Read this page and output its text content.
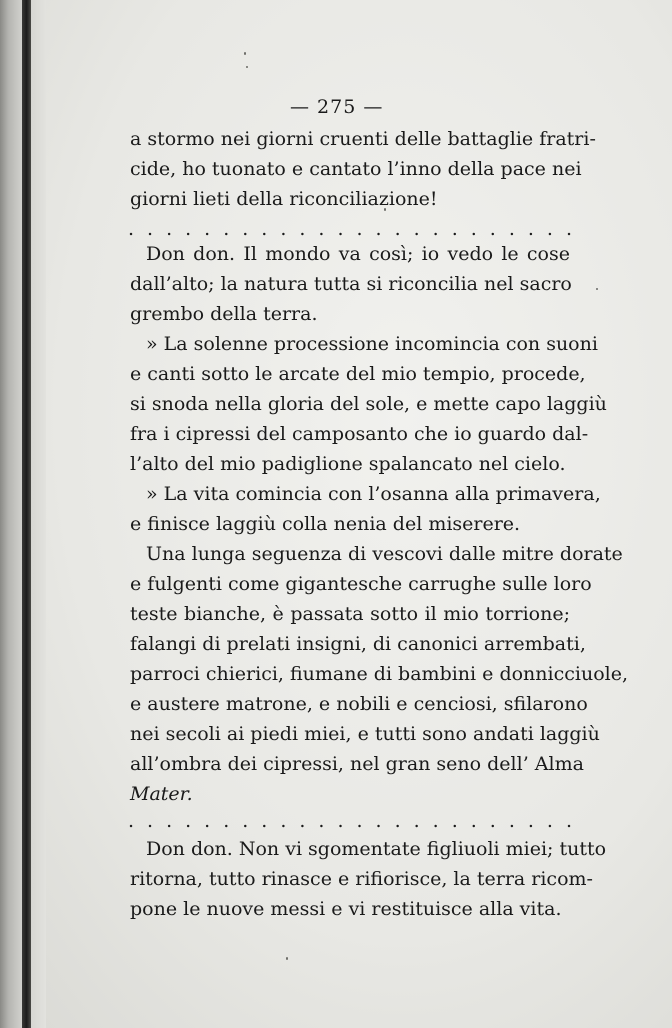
— 275 —
a stormo nei giorni cruenti delle battaglie fratri-
cide, ho tuonato e cantato l’inno della pace nei
giorni lieti della riconciliazione!
. . . . . . . . . . . . . . . . . . . . . . . .
Don don. Il mondo va così; io vedo le cose
dall’alto; la natura tutta si riconcilia nel sacro
grembo della terra.
» La solenne processione incomincia con suoni
e canti sotto le arcate del mio tempio, procede,
si snoda nella gloria del sole, e mette capo laggiù
fra i cipressi del camposanto che io guardo dal-
l’alto del mio padiglione spalancato nel cielo.
» La vita comincia con l’osanna alla primavera,
e finisce laggiù colla nenia del miserere.
Una lunga seguenza di vescovi dalle mitre dorate
e fulgenti come gigantesche carrughe sulle loro
teste bianche, è passata sotto il mio torrione;
falangi di prelati insigni, di canonici arrembati,
parroci chierici, fiumane di bambini e donnicciuole,
e austere matrone, e nobili e cenciosi, sfilarono
nei secoli ai piedi miei, e tutti sono andati laggiù
all’ombra dei cipressi, nel gran seno dell’ Alma
Mater.
. . . . . . . . . . . . . . . . . . . . . . . .
Don don. Non vi sgomentate figliuoli miei; tutto
ritorna, tutto rinasce e rifiorisce, la terra ricom-
pone le nuove messi e vi restituisce alla vita.
